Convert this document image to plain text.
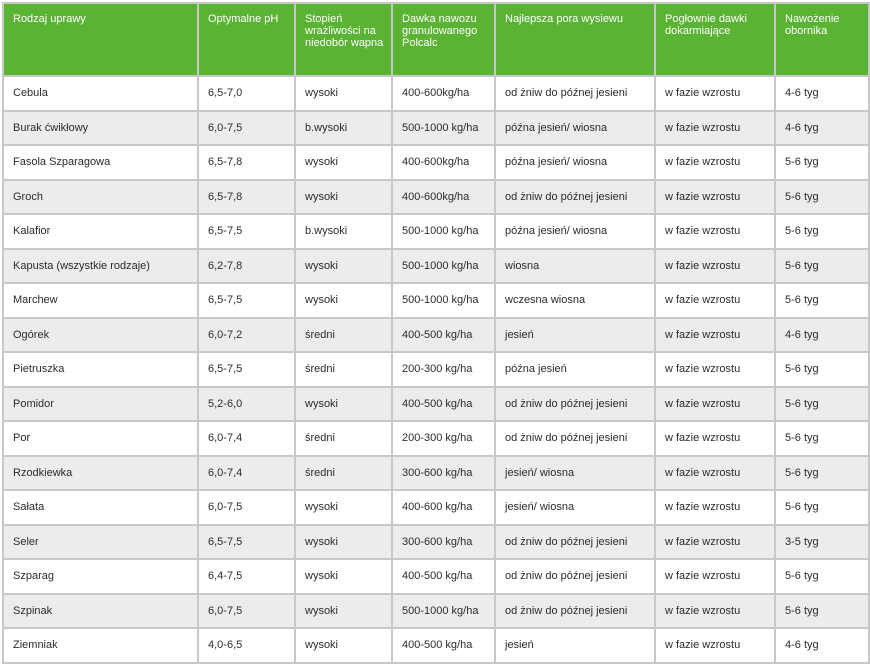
Rodzaj uprawy	Optymalne pH	Stopień wrażliwości na niedobór wapna	Dawka nawozu granulowanego Polcalc	Najlepsza pora wysiewu	Pogłownie dawki dokarmiające	Nawożenie obornika
Cebula	6,5-7,0	wysoki	400-600kg/ha	od żniw do późnej jesieni	w fazie wzrostu	4-6 tyg
Burak ćwikłowy	6,0-7,5	b.wysoki	500-1000 kg/ha	późna jesień/ wiosna	w fazie wzrostu	4-6 tyg
Fasola Szparagowa	6,5-7,8	wysoki	400-600kg/ha	późna jesień/ wiosna	w fazie wzrostu	5-6 tyg
Groch	6,5-7,8	wysoki	400-600kg/ha	od żniw do późnej jesieni	w fazie wzrostu	5-6 tyg
Kalafior	6,5-7,5	b.wysoki	500-1000 kg/ha	późna jesień/ wiosna	w fazie wzrostu	5-6 tyg
Kapusta (wszystkie rodzaje)	6,2-7,8	wysoki	500-1000 kg/ha	wiosna	w fazie wzrostu	5-6 tyg
Marchew	6,5-7,5	wysoki	500-1000 kg/ha	wczesna wiosna	w fazie wzrostu	5-6 tyg
Ogórek	6,0-7,2	średni	400-500 kg/ha	jesień	w fazie wzrostu	4-6 tyg
Pietruszka	6,5-7,5	średni	200-300 kg/ha	późna jesień	w fazie wzrostu	5-6 tyg
Pomidor	5,2-6,0	wysoki	400-500 kg/ha	od żniw do późnej jesieni	w fazie wzrostu	5-6 tyg
Por	6,0-7,4	średni	200-300 kg/ha	od żniw do późnej jesieni	w fazie wzrostu	5-6 tyg
Rzodkiewka	6,0-7,4	średni	300-600 kg/ha	jesień/ wiosna	w fazie wzrostu	5-6 tyg
Sałata	6,0-7,5	wysoki	400-600 kg/ha	jesień/ wiosna	w fazie wzrostu	5-6 tyg
Seler	6,5-7,5	wysoki	300-600 kg/ha	od żniw do późnej jesieni	w fazie wzrostu	3-5 tyg
Szparag	6,4-7,5	wysoki	400-500 kg/ha	od żniw do późnej jesieni	w fazie wzrostu	5-6 tyg
Szpinak	6,0-7,5	wysoki	500-1000 kg/ha	od żniw do późnej jesieni	w fazie wzrostu	5-6 tyg
Ziemniak	4,0-6,5	wysoki	400-500 kg/ha	jesień	w fazie wzrostu	4-6 tyg
